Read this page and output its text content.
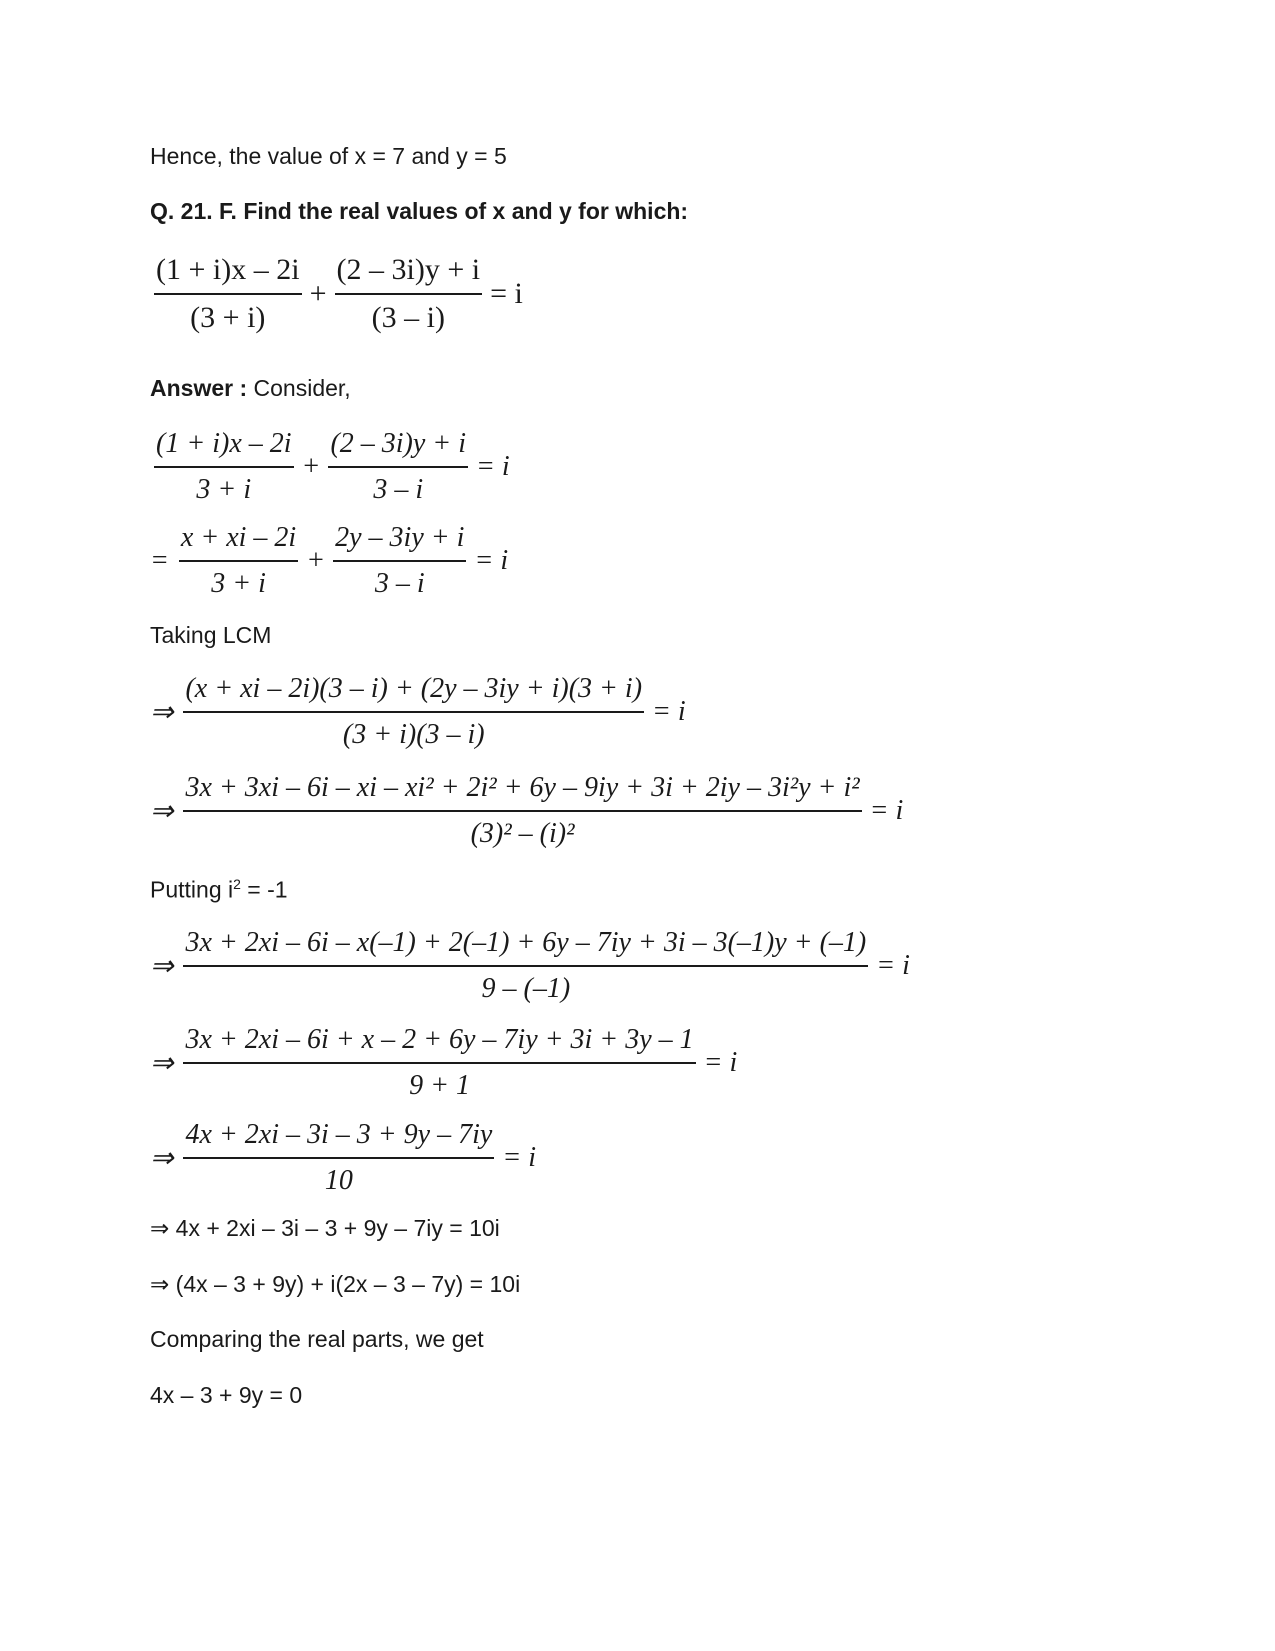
Hence, the value of x = 7 and y = 5
Q. 21. F. Find the real values of x and y for which:
$\frac{(1 + i)x - 2i}{(3 + i)} + \frac{(2 - 3i)y + i}{(3 - i)} = i$
Answer : Consider,
$\frac{(1 + i)x - 2i}{3 + i} + \frac{(2 - 3i)y + i}{3 - i} = i$
= $\frac{x + xi - 2i}{3 + i} + \frac{2y - 3iy + i}{3 - i} = i$
Taking LCM
⇒ $\frac{(x + xi - 2i)(3 - i) + (2y - 3iy + i)(3 + i)}{(3 + i)(3 - i)} = i$
⇒
3x + 3xi – 6i – xi – xi² + 2i² + 6y – 9iy + 3i + 2iy – 3i²y + i²
(3)² – (i)²
= i
Putting $i^2 = -1$
⇒
3x + 2xi – 6i – x(–1) + 2(–1) + 6y – 7iy + 3i – 3(–1)y + (–1)
9 – (–1)
= i
⇒ $\frac{3x + 2xi - 6i + x - 2 + 6y - 7iy + 3i + 3y - 1}{9 + 1} = i$
⇒ $\frac{4x + 2xi - 3i - 3 + 9y - 7iy}{10} = i$
⇒ 4x + 2xi – 3i – 3 + 9y – 7iy = 10i
⇒ (4x – 3 + 9y) + i(2x – 3 – 7y) = 10i
Comparing the real parts, we get
4x – 3 + 9y = 0
